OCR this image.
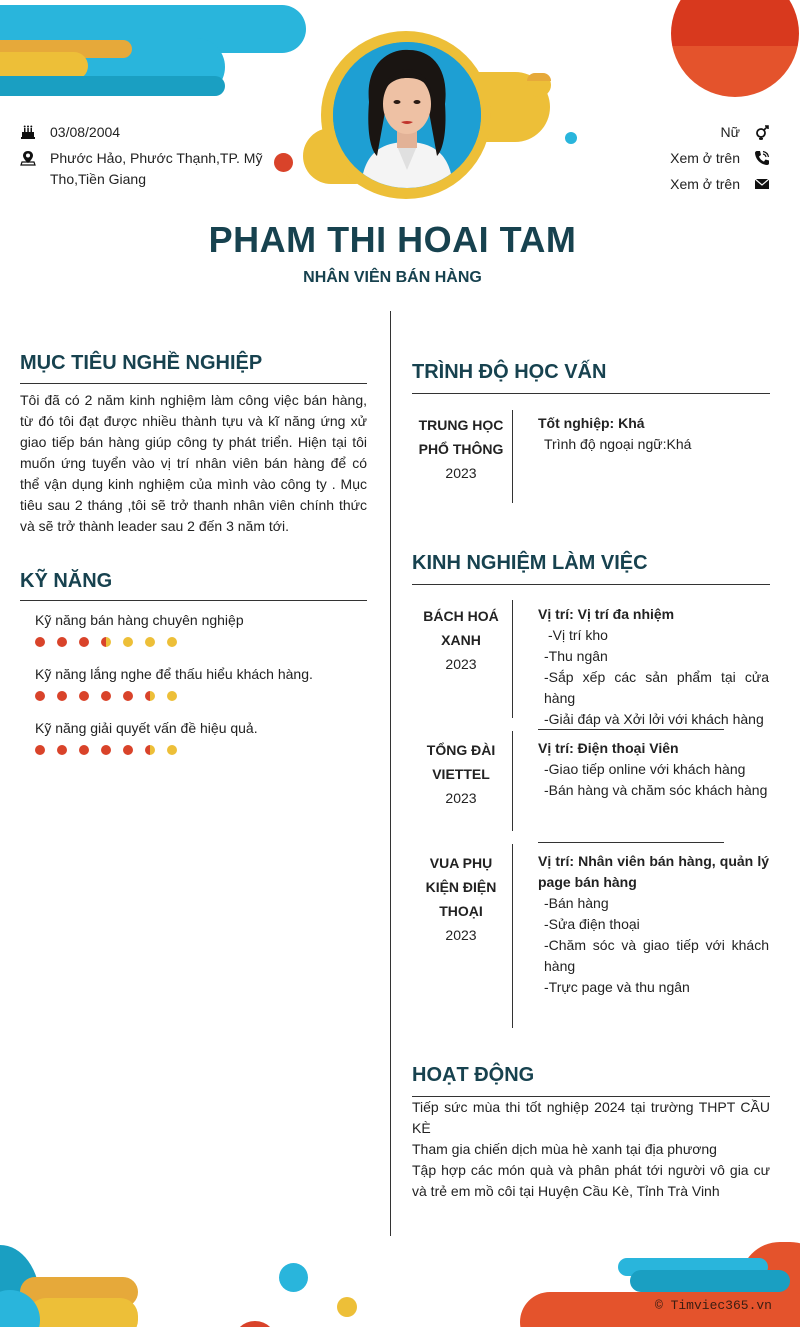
03/08/2004
Phước Hảo, Phước Thạnh,TP. Mỹ Tho,Tiền Giang
Nữ
Xem ở trên
Xem ở trên
PHAM THI HOAI TAM
NHÂN VIÊN BÁN HÀNG
MỤC TIÊU NGHỀ NGHIỆP
Tôi đã có 2 năm kinh nghiệm làm công việc bán hàng, từ đó tôi đạt được nhiều thành tựu và kĩ năng ứng xử giao tiếp bán hàng giúp công ty phát triển. Hiện tại tôi muốn ứng tuyển vào vị trí nhân viên bán hàng để có thể vận dụng kinh nghiệm của mình vào công ty . Mục tiêu sau 2 tháng ,tôi sẽ trở thanh nhân viên chính thức và sẽ trở thành leader sau 2 đến 3 năm tới.
KỸ NĂNG
Kỹ năng bán hàng chuyên nghiệp
Kỹ năng lắng nghe để thấu hiểu khách hàng.
Kỹ năng giải quyết vấn đề hiệu quả.
TRÌNH ĐỘ HỌC VẤN
TRUNG HỌC PHỔ THÔNG
2023
Tốt nghiệp: Khá
Trình độ ngoại ngữ:Khá
KINH NGHIỆM LÀM VIỆC
BÁCH HOÁ XANH
2023
Vị trí: Vị trí đa nhiệm
-Vị trí kho
-Thu ngân
-Sắp xếp các sản phẩm tại cửa hàng
-Giải đáp và Xởi lởi với khách hàng
TỔNG ĐÀI VIETTEL
2023
Vị trí: Điện thoại Viên
-Giao tiếp online với khách hàng
-Bán hàng và chăm sóc khách hàng
VUA PHỤ KIỆN ĐIỆN THOẠI
2023
Vị trí: Nhân viên bán hàng, quản lý page bán hàng
-Bán hàng
-Sửa điện thoại
-Chăm sóc và giao tiếp với khách hàng
-Trực page và thu ngân
HOẠT ĐỘNG
Tiếp sức mùa thi tốt nghiệp 2024 tại trường THPT CẦU KÈ
Tham gia chiến dịch mùa hè xanh tại địa phương
Tập hợp các món quà và phân phát tới người vô gia cư và trẻ em mồ côi tại Huyện Cầu Kè, Tỉnh Trà Vinh
© Timviec365.vn
